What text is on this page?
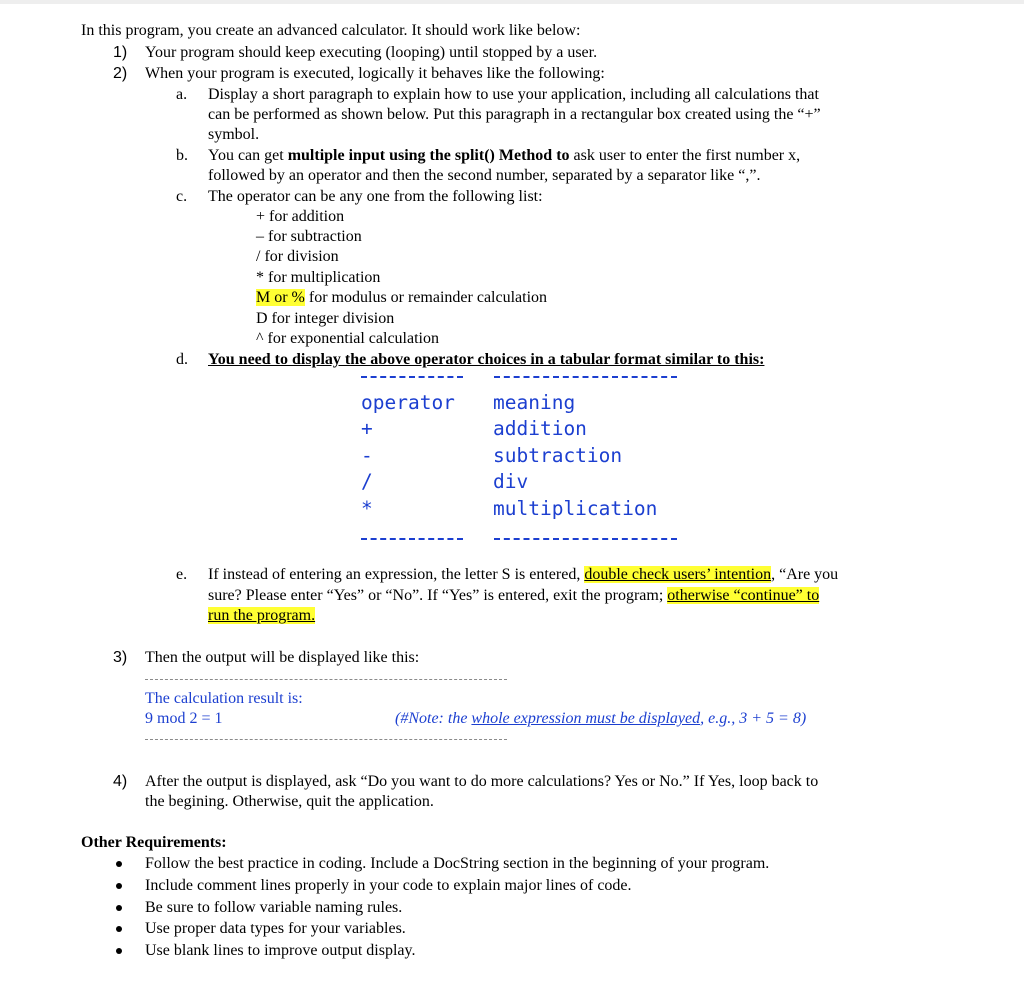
In this program, you create an advanced calculator. It should work like below:
1) Your program should keep executing (looping) until stopped by a user.
2) When your program is executed, logically it behaves like the following:
a. Display a short paragraph to explain how to use your application, including all calculations that
can be performed as shown below. Put this paragraph in a rectangular box created using the “+”
symbol.
b. You can get multiple input using the split() Method to ask user to enter the first number x,
followed by an operator and then the second number, separated by a separator like “,”.
c. The operator can be any one from the following list:
+ for addition
– for subtraction
/ for division
* for multiplication
M or % for modulus or remainder calculation
D for integer division
^ for exponential calculation
d. You need to display the above operator choices in a tabular format similar to this:
operator meaning
+	addition
-	subtraction
/	div
*	multiplication
e. If instead of entering an expression, the letter S is entered, double check users’ intention, “Are you
sure? Please enter “Yes” or “No”. If “Yes” is entered, exit the program; otherwise “continue” to
run the program.
3) Then the output will be displayed like this:
The calculation result is:
9 mod 2 = 1	(#Note: the whole expression must be displayed, e.g., 3 + 5 = 8)
4) After the output is displayed, ask “Do you want to do more calculations? Yes or No.” If Yes, loop back to
the begining. Otherwise, quit the application.
Other Requirements:
Follow the best practice in coding. Include a DocString section in the beginning of your program.
Include comment lines properly in your code to explain major lines of code.
Be sure to follow variable naming rules.
Use proper data types for your variables.
Use blank lines to improve output display.
